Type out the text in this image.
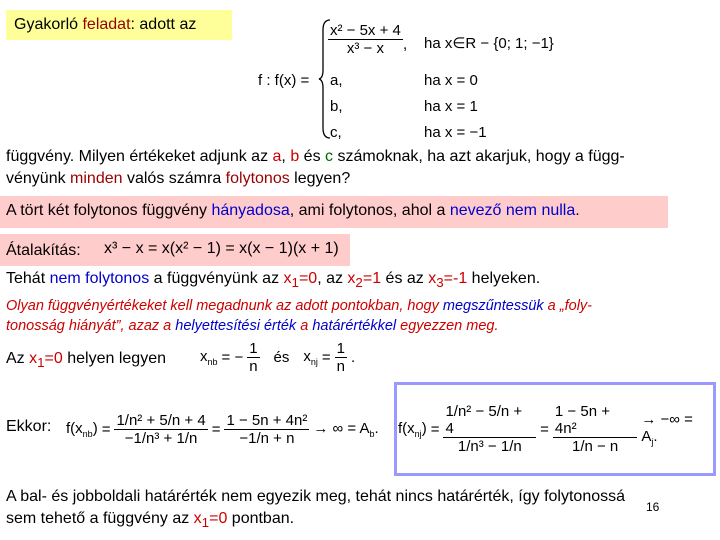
Gyakorló feladat: adott az
f : f(x) =
$\frac{\text{x² − 5x + 4}}{\text{x³ − x}}$ , ha x∈R − {0; 1; −1}
a,	ha x = 0
b,	ha x = 1
c,	ha x = −1
függvény. Milyen értékeket adjunk az a, b és c számoknak, ha azt akarjuk, hogy a függ-
vényünk minden valós számra folytonos legyen?
A tört két folytonos függvény hányadosa, ami folytonos, ahol a nevező nem nulla.
Átalakítás: x³ − x = x(x² − 1) = x(x − 1)(x + 1)
Tehát nem folytonos a függvényünk az $x_1=0$, az $x_2=1$ és az $x_3=-1$ helyeken.
Olyan függvényértékeket kell megadnunk az adott pontokban, hogy megszűntessük a „foly-
tonosság hiányát”, azaz a helyettesítési érték a határértékkel egyezzen meg.
Az $x_1=0$ helyen legyen $x_{nb}$ = − $\frac{1}{n}$ és $x_{nj} = \frac{1}{n}$ .
Ekkor: $f(x_{nb}) = \frac{\text{1/n² + 5/n + 4}}{\text{−1/n³ + 1/n}} = \frac{\text{1 − 5n + 4n²}}{-1/n + n}$ → ∞ = $A_b$. $f(x_{nj}) = \frac{\text{1/n² − 5/n + 4}}{\text{1/n³ − 1/n}} = \frac{\text{1 − 5n + 4n²}}{1/n - n}$ → −∞ = $A_j$.
A bal- és jobboldali határérték nem egyezik meg, tehát nincs határérték, így folytonossá
sem tehető a függvény az $x_1=0$ pontban.
16
